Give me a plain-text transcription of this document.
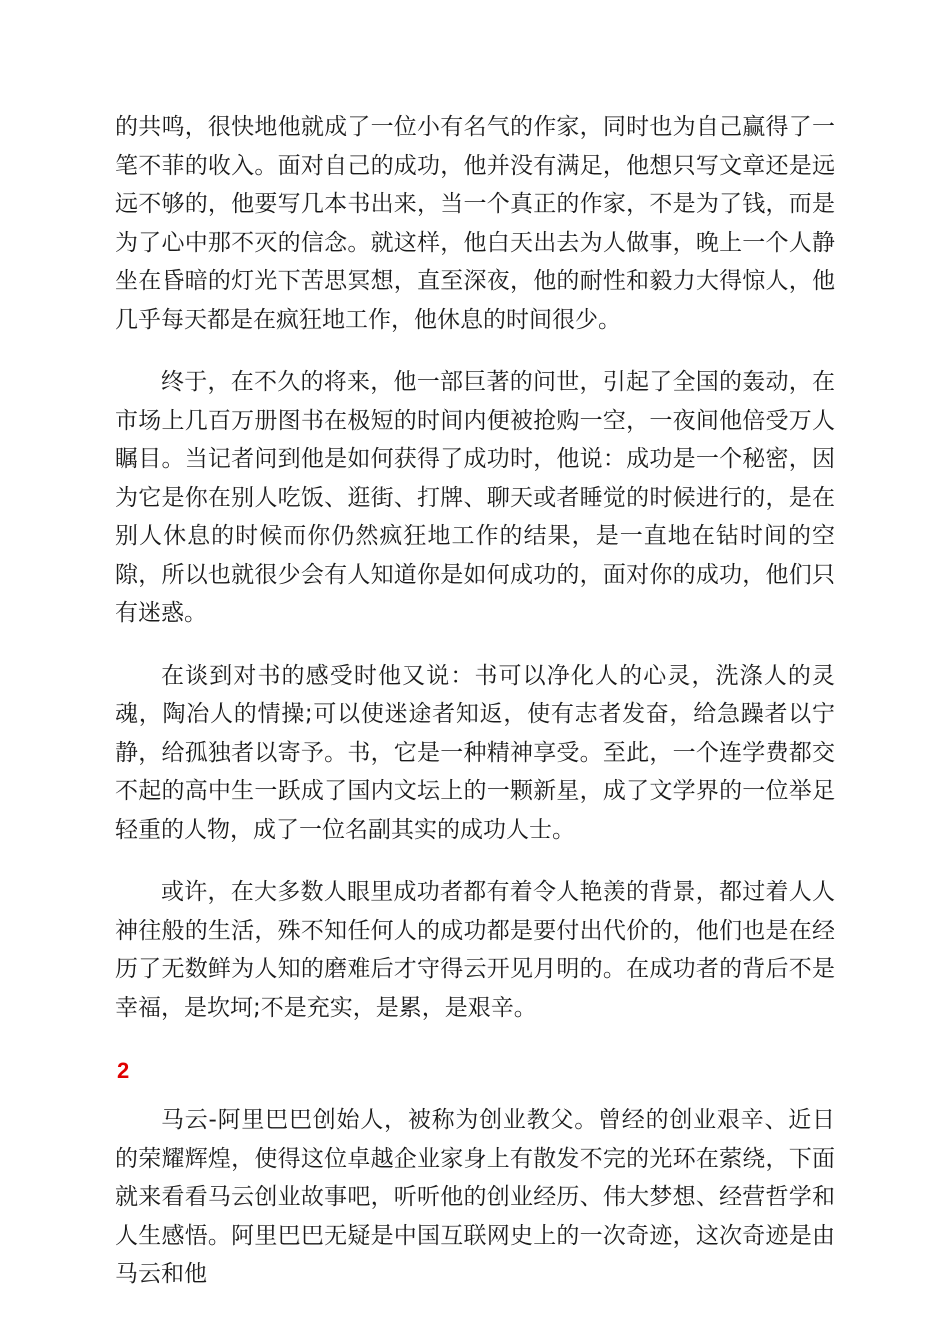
的共鸣，很快地他就成了一位小有名气的作家，同时也为自己赢得了一笔不菲的收入。面对自己的成功，他并没有满足，他想只写文章还是远远不够的，他要写几本书出来，当一个真正的作家，不是为了钱，而是为了心中那不灭的信念。就这样，他白天出去为人做事，晚上一个人静坐在昏暗的灯光下苦思冥想，直至深夜，他的耐性和毅力大得惊人，他几乎每天都是在疯狂地工作，他休息的时间很少。

终于，在不久的将来，他一部巨著的问世，引起了全国的轰动，在市场上几百万册图书在极短的时间内便被抢购一空，一夜间他倍受万人瞩目。当记者问到他是如何获得了成功时，他说：成功是一个秘密，因为它是你在别人吃饭、逛街、打牌、聊天或者睡觉的时候进行的，是在别人休息的时候而你仍然疯狂地工作的结果，是一直地在钻时间的空隙，所以也就很少会有人知道你是如何成功的，面对你的成功，他们只有迷惑。

在谈到对书的感受时他又说：书可以净化人的心灵，洗涤人的灵魂，陶冶人的情操;可以使迷途者知返，使有志者发奋，给急躁者以宁静，给孤独者以寄予。书，它是一种精神享受。至此，一个连学费都交不起的高中生一跃成了国内文坛上的一颗新星，成了文学界的一位举足轻重的人物，成了一位名副其实的成功人士。

或许，在大多数人眼里成功者都有着令人艳羡的背景，都过着人人神往般的生活，殊不知任何人的成功都是要付出代价的，他们也是在经历了无数鲜为人知的磨难后才守得云开见月明的。在成功者的背后不是幸福，是坎坷;不是充实，是累，是艰辛。

2

马云-阿里巴巴创始人，被称为创业教父。曾经的创业艰辛、近日的荣耀辉煌，使得这位卓越企业家身上有散发不完的光环在萦绕，下面就来看看马云创业故事吧，听听他的创业经历、伟大梦想、经营哲学和人生感悟。阿里巴巴无疑是中国互联网史上的一次奇迹，这次奇迹是由马云和他
